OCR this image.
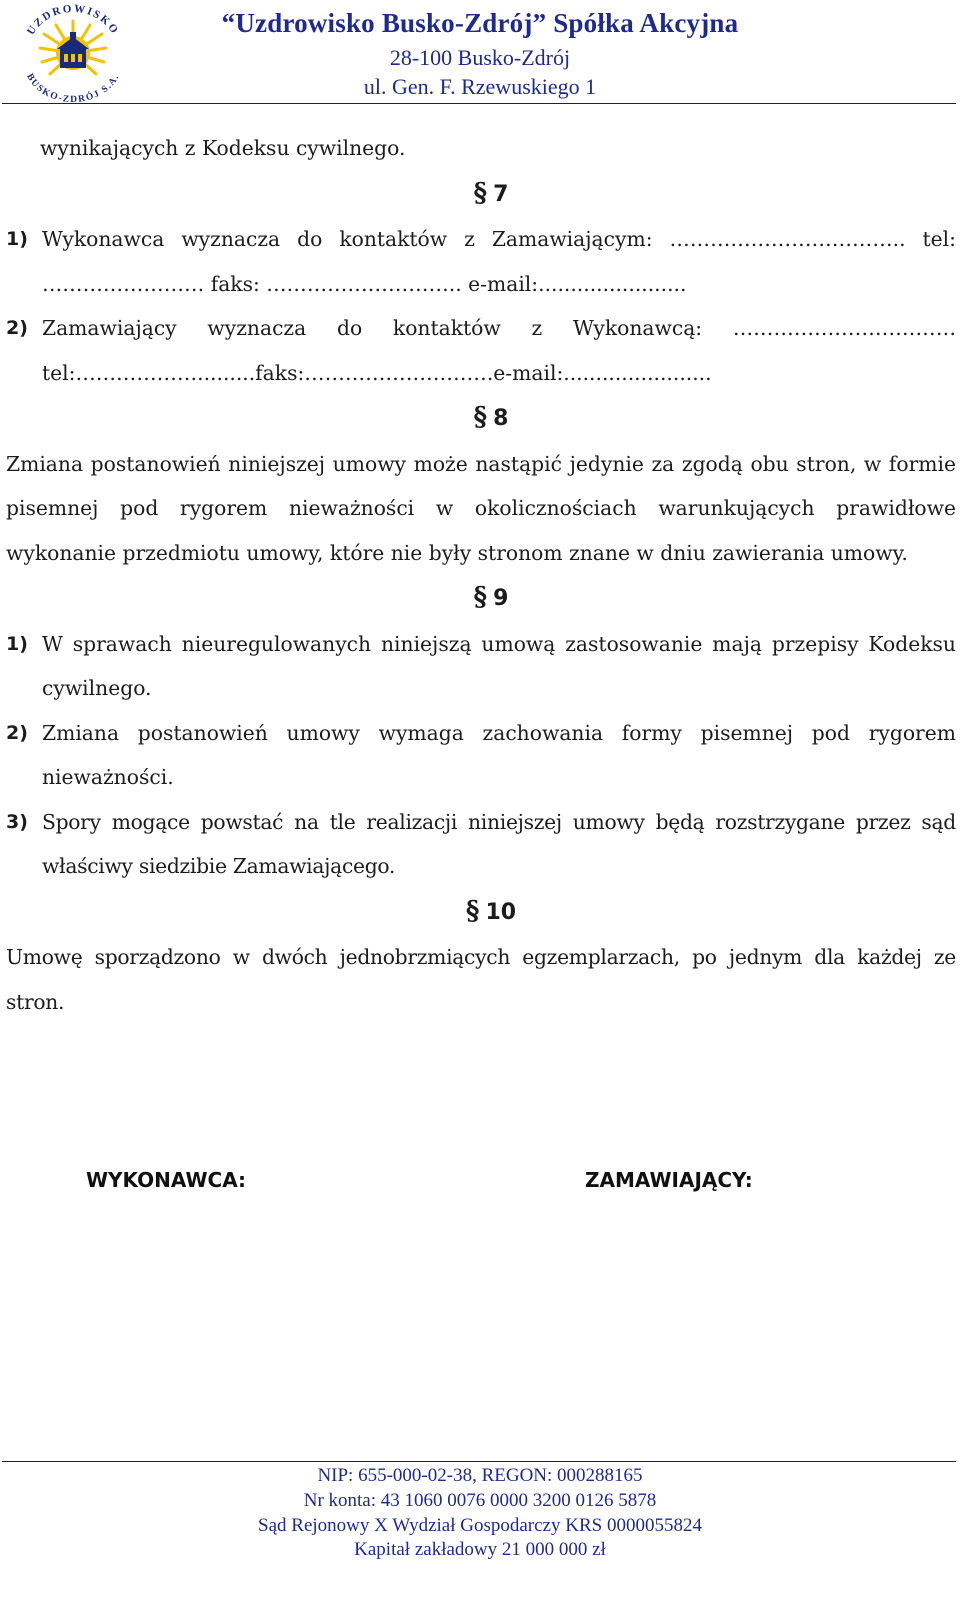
UZDROWISKO
BUSKO-ZDRÓJ S.A.
“Uzdrowisko Busko-Zdrój” Spółka Akcyjna
28-100 Busko-Zdrój
ul. Gen. F. Rzewuskiego 1

wynikających z Kodeksu cywilnego.

§ 7

1) Wykonawca wyznacza do kontaktów z Zamawiającym: …………………………….. tel:
…………………… faks: ……………………….. e-mail:.......................
2) Zamawiający wyznacza do kontaktów z Wykonawcą: ……………………………
tel:……………….........faks:……………………….e-mail:.......................

§ 8

Zmiana postanowień niniejszej umowy może nastąpić jedynie za zgodą obu stron, w formie pisemnej pod rygorem nieważności w okolicznościach warunkujących prawidłowe wykonanie przedmiotu umowy, które nie były stronom znane w dniu zawierania umowy.

§ 9

1) W sprawach nieuregulowanych niniejszą umową zastosowanie mają przepisy Kodeksu cywilnego.
2) Zmiana postanowień umowy wymaga zachowania formy pisemnej pod rygorem nieważności.
3) Spory mogące powstać na tle realizacji niniejszej umowy będą rozstrzygane przez sąd właściwy siedzibie Zamawiającego.

§ 10

Umowę sporządzono w dwóch jednobrzmiących egzemplarzach, po jednym dla każdej ze stron.

WYKONAWCA:	ZAMAWIAJĄCY:
NIP: 655-000-02-38, REGON: 000288165
Nr konta: 43 1060 0076 0000 3200 0126 5878
Sąd Rejonowy X Wydział Gospodarczy KRS 0000055824
Kapitał zakładowy 21 000 000 zł
